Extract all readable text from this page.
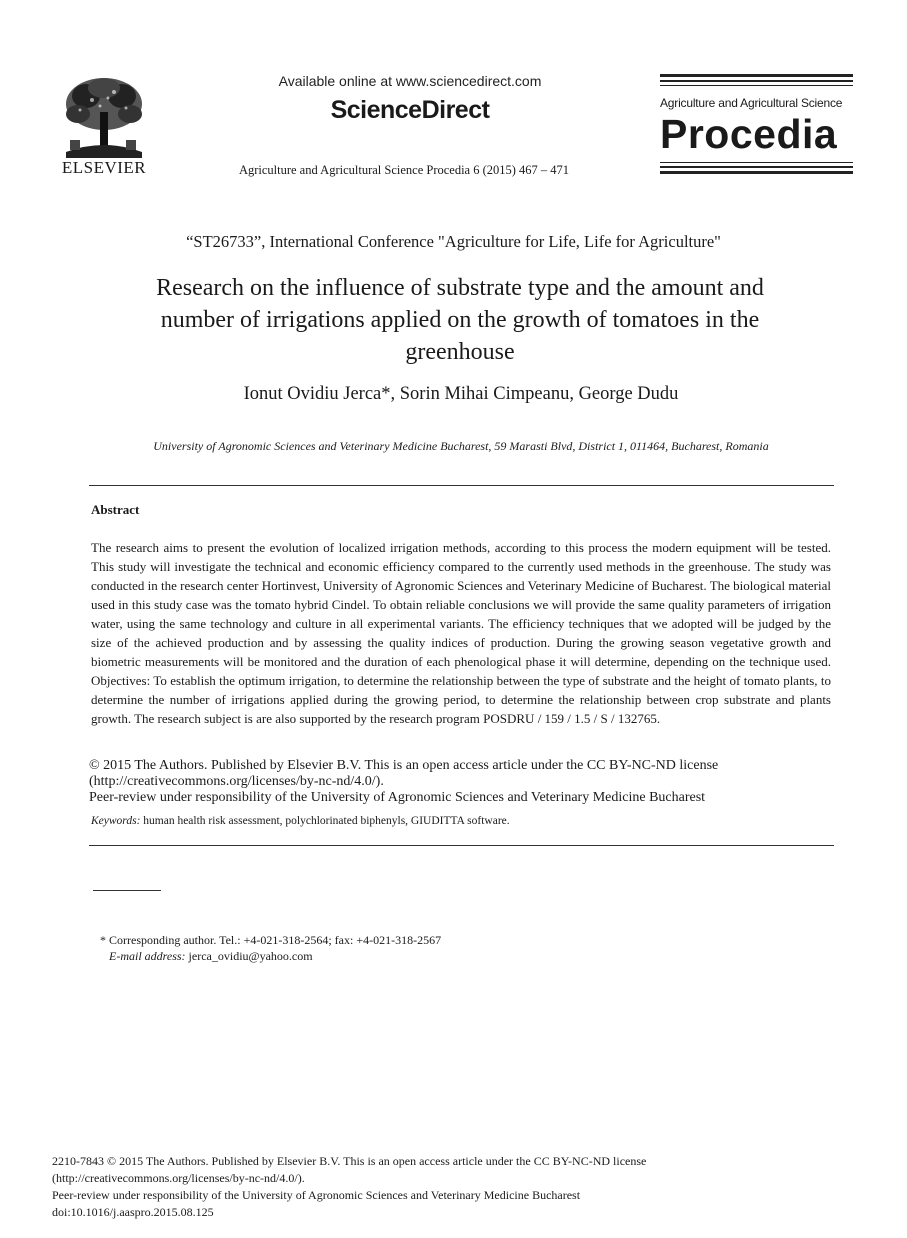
ELSEVIER
Available online at www.sciencedirect.com
ScienceDirect
Agriculture and Agricultural Science Procedia 6 (2015) 467 – 471
Agriculture and Agricultural Science
Procedia
“ST26733”, International Conference "Agriculture for Life, Life for Agriculture"
Research on the influence of substrate type and the amount and
number of irrigations applied on the growth of tomatoes in the
greenhouse
Ionut Ovidiu Jerca*, Sorin Mihai Cimpeanu, George Dudu
University of Agronomic Sciences and Veterinary Medicine Bucharest, 59 Marasti Blvd, District 1, 011464, Bucharest, Romania
Abstract
The research aims to present the evolution of localized irrigation methods, according to this process the modern equipment will be tested. This study will investigate the technical and economic efficiency compared to the currently used methods in the greenhouse. The study was conducted in the research center Hortinvest, University of Agronomic Sciences and Veterinary Medicine of Bucharest. The biological material used in this study case was the tomato hybrid Cindel. To obtain reliable conclusions we will provide the same quality parameters of irrigation water, using the same technology and culture in all experimental variants. The efficiency techniques that we adopted will be judged by the size of the achieved production and by assessing the quality indices of production. During the growing season vegetative growth and biometric measurements will be monitored and the duration of each phenological phase it will determine, depending on the technique used. Objectives: To establish the optimum irrigation, to determine the relationship between the type of substrate and the height of tomato plants, to determine the number of irrigations applied during the growing period, to determine the relationship between crop substrate and plants growth. The research subject is are also supported by the research program POSDRU / 159 / 1.5 / S / 132765.
© 2015 The Authors. Published by Elsevier B.V. This is an open access article under the CC BY-NC-ND license
(http://creativecommons.org/licenses/by-nc-nd/4.0/).
Peer-review under responsibility of the University of Agronomic Sciences and Veterinary Medicine Bucharest
Keywords: human health risk assessment, polychlorinated biphenyls, GIUDITTA software.
* Corresponding author. Tel.: +4-021-318-2564; fax: +4-021-318-2567
E-mail address: jerca_ovidiu@yahoo.com
2210-7843 © 2015 The Authors. Published by Elsevier B.V. This is an open access article under the CC BY-NC-ND license
(http://creativecommons.org/licenses/by-nc-nd/4.0/).
Peer-review under responsibility of the University of Agronomic Sciences and Veterinary Medicine Bucharest
doi:10.1016/j.aaspro.2015.08.125
